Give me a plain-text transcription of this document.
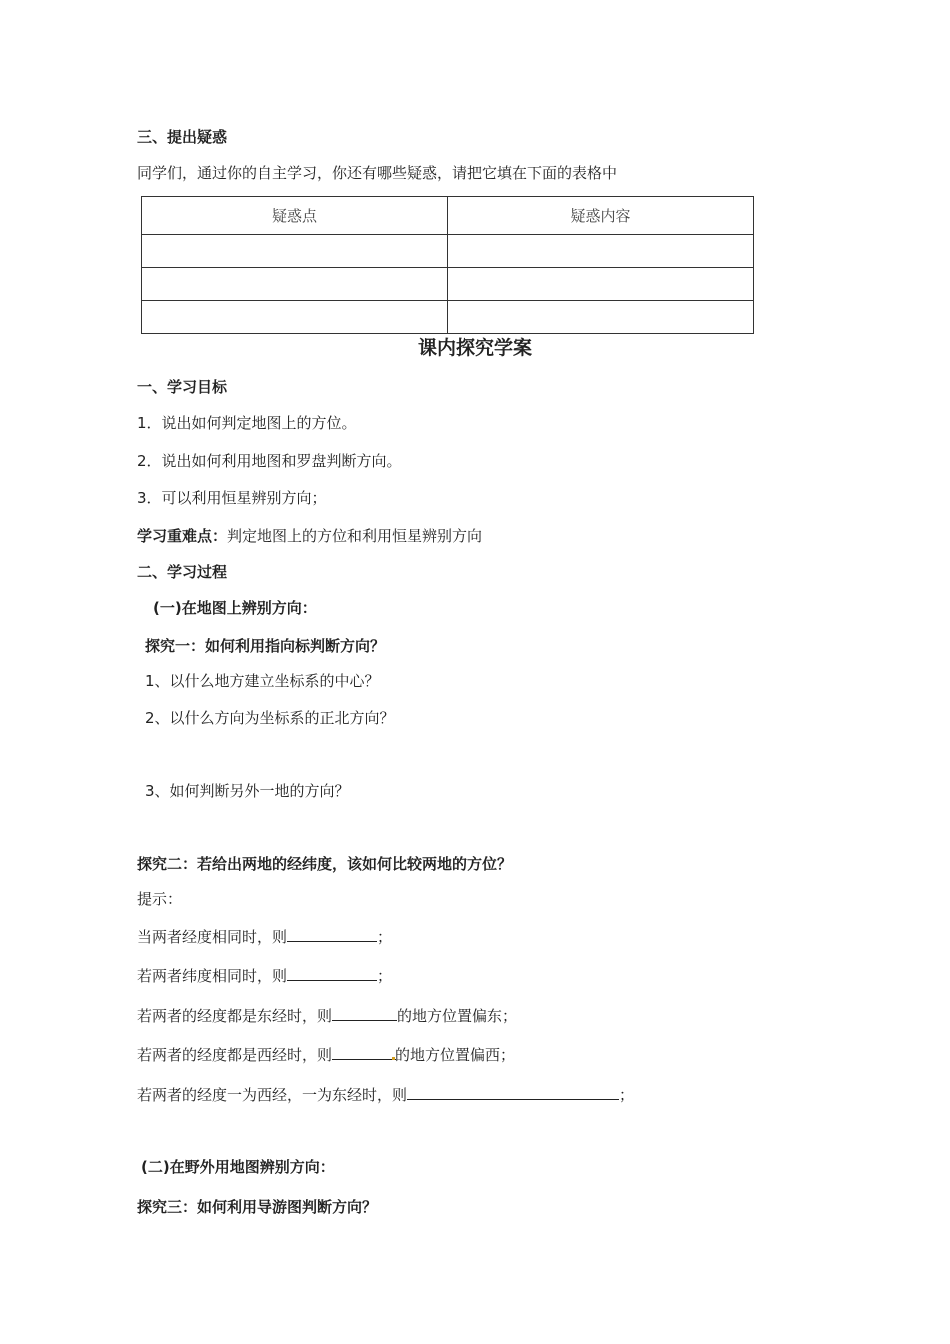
三、提出疑惑
同学们，通过你的自主学习，你还有哪些疑惑，请把它填在下面的表格中
疑惑点	疑惑内容

课内探究学案
一、学习目标
1．说出如何判定地图上的方位。
2．说出如何利用地图和罗盘判断方向。
3．可以利用恒星辨别方向；
学习重难点：判定地图上的方位和利用恒星辨别方向
二、学习过程
(一)在地图上辨别方向：
探究一：如何利用指向标判断方向？
1、以什么地方建立坐标系的中心？
2、以什么方向为坐标系的正北方向？
3、如何判断另外一地的方向？
探究二：若给出两地的经纬度，该如何比较两地的方位？
提示：
当两者经度相同时，则	；
若两者纬度相同时，则	；
若两者的经度都是东经时，则	的地方位置偏东；
若两者的经度都是西经时，则	的地方位置偏西；
若两者的经度一为西经，一为东经时，则	；
(二)在野外用地图辨别方向：
探究三：如何利用导游图判断方向？
